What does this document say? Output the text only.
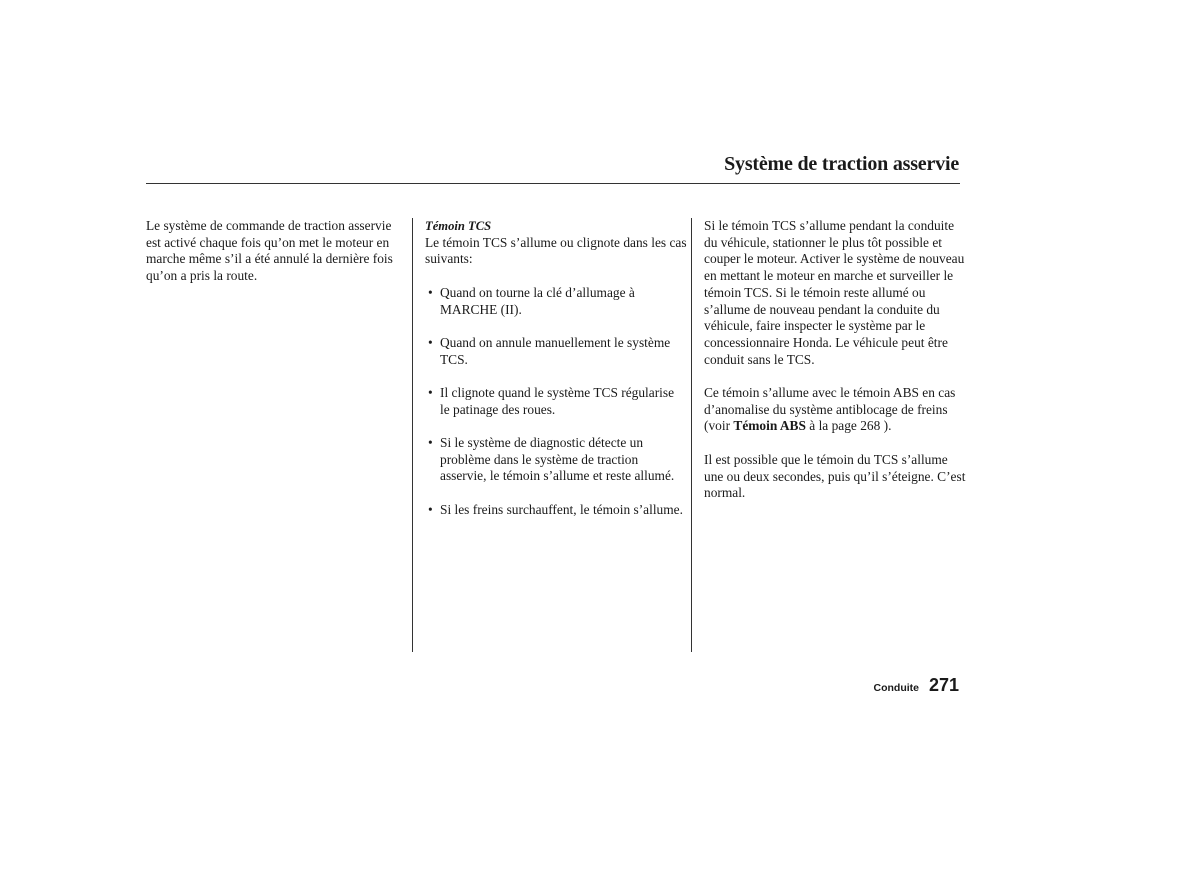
Système de traction asservie

Le système de commande de traction asservie est activé chaque fois qu’on met le moteur en marche même s’il a été annulé la dernière fois qu’on a pris la route.

Témoin TCS

Le témoin TCS s’allume ou clignote dans les cas suivants:

• Quand on tourne la clé d’allumage à MARCHE (II).
• Quand on annule manuellement le système TCS.
• Il clignote quand le système TCS régularise le patinage des roues.
• Si le système de diagnostic détecte un problème dans le système de traction asservie, le témoin s’allume et reste allumé.
• Si les freins surchauffent, le témoin s’allume.

Si le témoin TCS s’allume pendant la conduite du véhicule, stationner le plus tôt possible et couper le moteur. Activer le système de nouveau en mettant le moteur en marche et surveiller le témoin TCS. Si le témoin reste allumé ou s’allume de nouveau pendant la conduite du véhicule, faire inspecter le système par le concessionnaire Honda. Le véhicule peut être conduit sans le TCS.

Ce témoin s’allume avec le témoin ABS en cas d’anomalise du système antiblocage de freins (voir Témoin ABS à la page 268 ).

Il est possible que le témoin du TCS s’allume une ou deux secondes, puis qu’il s’éteigne. C’est normal.

Conduite 271
